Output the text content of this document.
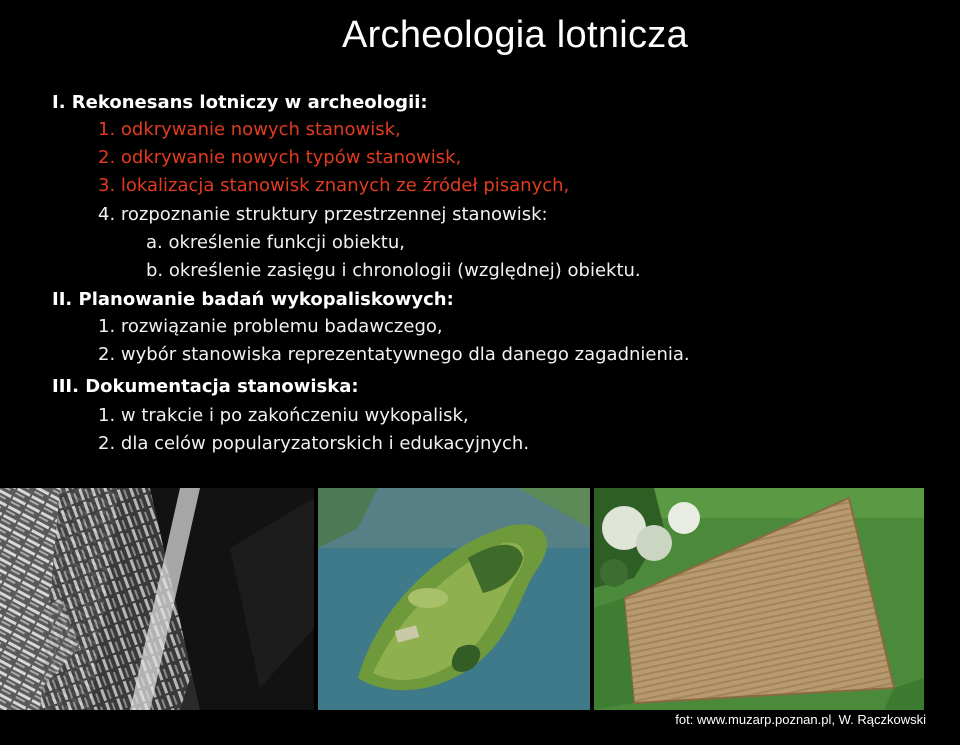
Archeologia lotnicza
I. Rekonesans lotniczy w archeologii:
1. odkrywanie nowych stanowisk,
2. odkrywanie nowych typów stanowisk,
3. lokalizacja stanowisk znanych ze źródeł pisanych,
4. rozpoznanie struktury przestrzennej stanowisk:
a. określenie funkcji obiektu,
b. określenie zasięgu i chronologii (względnej) obiektu.
II. Planowanie badań wykopaliskowych:
1. rozwiązanie problemu badawczego,
2. wybór stanowiska reprezentatywnego dla danego zagadnienia.
III. Dokumentacja stanowiska:
1. w trakcie i po zakończeniu wykopalisk,
2. dla celów popularyzatorskich i edukacyjnych.
fot: www.muzarp.poznan.pl, W. Rączkowski
